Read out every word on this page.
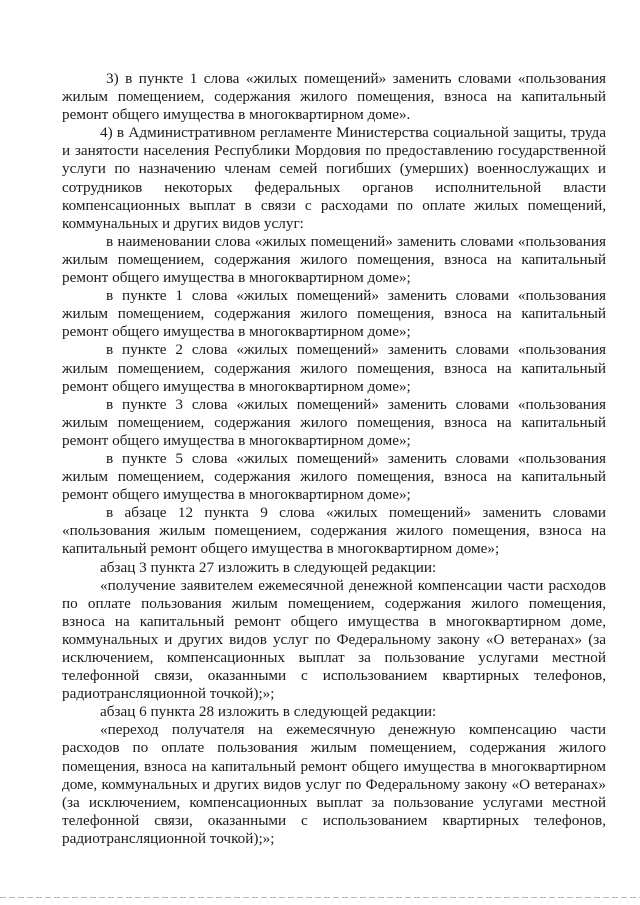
3) в пункте 1 слова «жилых помещений» заменить словами «пользования жилым помещением, содержания жилого помещения, взноса на капитальный ремонт общего имущества в многоквартирном доме».

4) в Административном регламенте Министерства социальной защиты, труда и занятости населения Республики Мордовия по предоставлению государственной услуги по назначению членам семей погибших (умерших) военнослужащих и сотрудников некоторых федеральных органов исполнительной власти компенсационных выплат в связи с расходами по оплате жилых помещений, коммунальных и других видов услуг:

в наименовании слова «жилых помещений» заменить словами «пользования жилым помещением, содержания жилого помещения, взноса на капитальный ремонт общего имущества в многоквартирном доме»;

в пункте 1 слова «жилых помещений» заменить словами «пользования жилым помещением, содержания жилого помещения, взноса на капитальный ремонт общего имущества в многоквартирном доме»;

в пункте 2 слова «жилых помещений» заменить словами «пользования жилым помещением, содержания жилого помещения, взноса на капитальный ремонт общего имущества в многоквартирном доме»;

в пункте 3 слова «жилых помещений» заменить словами «пользования жилым помещением, содержания жилого помещения, взноса на капитальный ремонт общего имущества в многоквартирном доме»;

в пункте 5 слова «жилых помещений» заменить словами «пользования жилым помещением, содержания жилого помещения, взноса на капитальный ремонт общего имущества в многоквартирном доме»;

в абзаце 12 пункта 9 слова «жилых помещений» заменить словами «пользования жилым помещением, содержания жилого помещения, взноса на капитальный ремонт общего имущества в многоквартирном доме»;

абзац 3 пункта 27 изложить в следующей редакции:

«получение заявителем ежемесячной денежной компенсации части расходов по оплате пользования жилым помещением, содержания жилого помещения, взноса на капитальный ремонт общего имущества в многоквартирном доме, коммунальных и других видов услуг по Федеральному закону «О ветеранах» (за исключением, компенсационных выплат за пользование услугами местной телефонной связи, оказанными с использованием квартирных телефонов, радиотрансляционной точкой);»;

абзац 6 пункта 28 изложить в следующей редакции:

«переход получателя на ежемесячную денежную компенсацию части расходов по оплате пользования жилым помещением, содержания жилого помещения, взноса на капитальный ремонт общего имущества в многоквартирном доме, коммунальных и других видов услуг по Федеральному закону «О ветеранах» (за исключением, компенсационных выплат за пользование услугами местной телефонной связи, оказанными с использованием квартирных телефонов, радиотрансляционной точкой);»;
